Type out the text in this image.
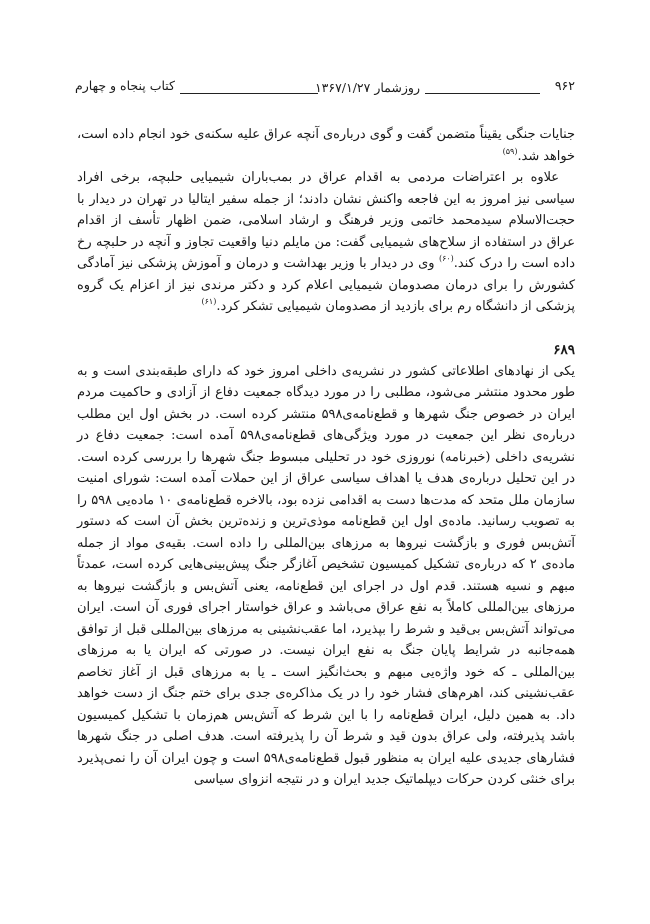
۹۶۲
روزشمار ۱۳۶۷/۱/۲۷
کتاب پنجاه و چهارم

جنایات جنگی یقیناً متضمن گفت و گوی درباره‌ی آنچه عراق علیه سکنه‌ی خود انجام داده است، خواهد شد.$^{(۵۹)}$

علاوه بر اعتراضات مردمی به اقدام عراق در بمب‌باران شیمیایی حلبچه، برخی افراد سیاسی نیز امروز به این فاجعه واکنش نشان دادند؛ از جمله سفیر ایتالیا در تهران در دیدار با حجت‌الاسلام سیدمحمد خاتمی وزیر فرهنگ و ارشاد اسلامی، ضمن اظهار تأسف از اقدام عراق در استفاده از سلاح‌های شیمیایی گفت: من مایلم دنیا واقعیت تجاوز و آنچه در حلبچه رخ داده است را درک کند.$^{(۶۰)}$ وی در دیدار با وزیر بهداشت و درمان و آموزش پزشکی نیز آمادگی کشورش را برای درمان مصدومان شیمیایی اعلام کرد و دکتر مرندی نیز از اعزام یک گروه پزشکی از دانشگاه رم برای بازدید از مصدومان شیمیایی تشکر کرد.$^{(۶۱)}$

۶۸۹

یکی از نهادهای اطلاعاتی کشور در نشریه‌ی داخلی امروز خود که دارای طبقه‌بندی است و به طور محدود منتشر می‌شود، مطلبی را در مورد دیدگاه جمعیت دفاع از آزادی و حاکمیت مردم ایران در خصوص جنگ شهرها و قطع‌نامه‌ی۵۹۸ منتشر کرده است. در بخش اول این مطلب درباره‌ی نظر این جمعیت در مورد ویژگی‌های قطع‌نامه‌ی۵۹۸ آمده است: جمعیت دفاع در نشریه‌ی داخلی (خبرنامه) نوروزی خود در تحلیلی مبسوط جنگ شهرها را بررسی کرده است. در این تحلیل درباره‌ی هدف یا اهداف سیاسی عراق از این حملات آمده است: شورای امنیت سازمان ملل متحد که مدت‌ها دست به اقدامی نزده بود، بالاخره قطع‌نامه‌ی ۱۰ ماده‌یی ۵۹۸ را به تصویب رسانید. ماده‌ی اول این قطع‌نامه موذی‌ترین و زنده‌ترین بخش آن است که دستور آتش‌بس فوری و بازگشت نیروها به مرزهای بین‌المللی را داده است. بقیه‌ی مواد از جمله ماده‌ی ۲ که درباره‌ی تشکیل کمیسیون تشخیص آغازگر جنگ پیش‌بینی‌هایی کرده است، عمدتاً مبهم و نسیه هستند. قدم اول در اجرای این قطع‌نامه، یعنی آتش‌بس و بازگشت نیروها به مرزهای بین‌المللی کاملاً به نفع عراق می‌باشد و عراق خواستار اجرای فوری آن است. ایران می‌تواند آتش‌بس بی‌قید و شرط را بپذیرد، اما عقب‌نشینی به مرزهای بین‌المللی قبل از توافق همه‌جانبه در شرایط پایان جنگ به نفع ایران نیست. در صورتی که ایران یا به مرزهای بین‌المللی ـ که خود واژه‌یی مبهم و بحث‌انگیز است ـ یا به مرزهای قبل از آغاز تخاصم عقب‌نشینی کند، اهرم‌های فشار خود را در یک مذاکره‌ی جدی برای ختم جنگ از دست خواهد داد. به همین دلیل، ایران قطع‌نامه را با این شرط که آتش‌بس هم‌زمان با تشکیل کمیسیون باشد پذیرفته، ولی عراق بدون قید و شرط آن را پذیرفته است. هدف اصلی در جنگ شهرها فشارهای جدیدی علیه ایران به منظور قبول قطع‌نامه‌ی۵۹۸ است و چون ایران آن را نمی‌پذیرد برای خنثی کردن حرکات دیپلماتیک جدید ایران و در نتیجه انزوای سیاسی
